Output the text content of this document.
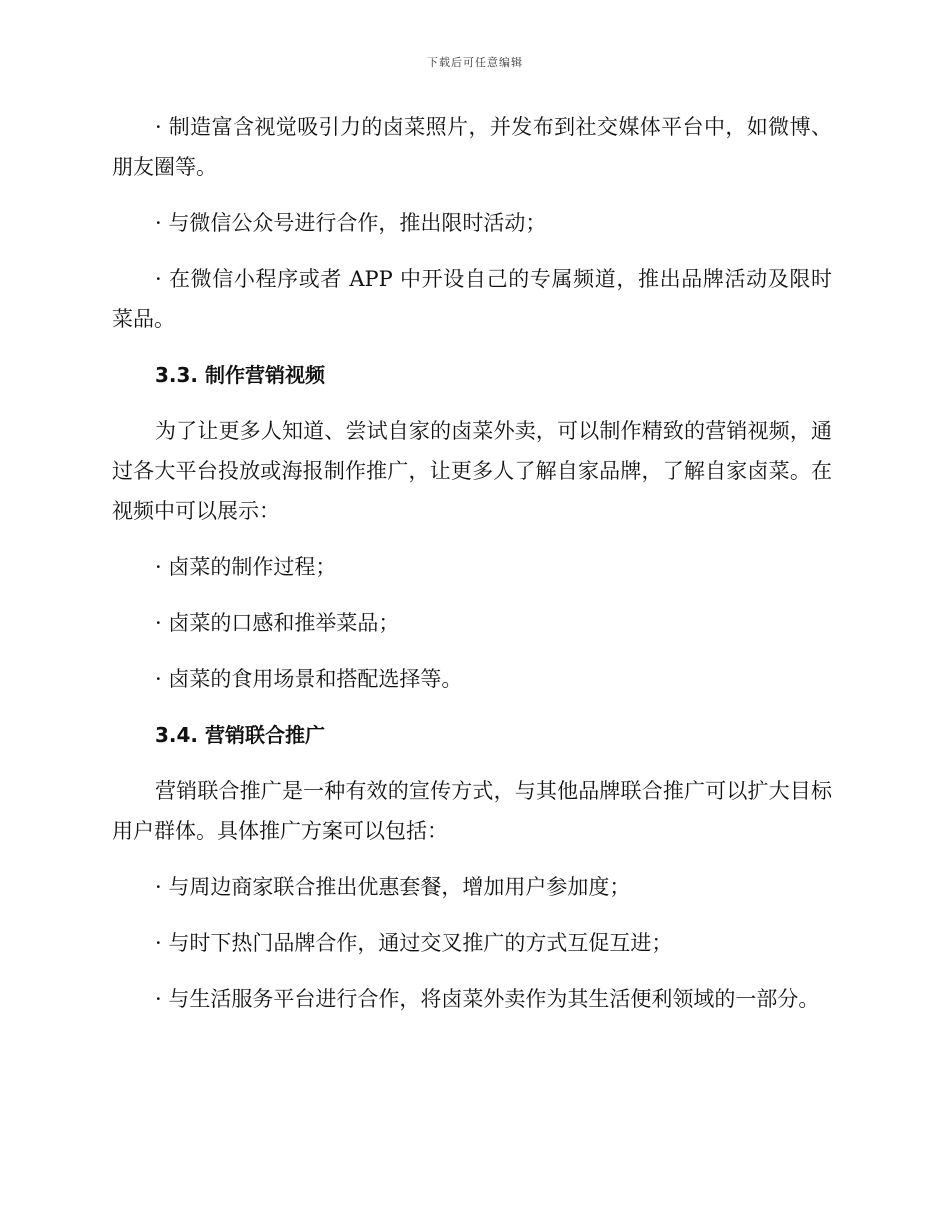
下载后可任意编辑

· 制造富含视觉吸引力的卤菜照片，并发布到社交媒体平台中，如微博、朋友圈等。

· 与微信公众号进行合作，推出限时活动；

· 在微信小程序或者 APP 中开设自己的专属频道，推出品牌活动及限时菜品。

3.3. 制作营销视频

为了让更多人知道、尝试自家的卤菜外卖，可以制作精致的营销视频，通过各大平台投放或海报制作推广，让更多人了解自家品牌，了解自家卤菜。在视频中可以展示：

· 卤菜的制作过程；

· 卤菜的口感和推举菜品；

· 卤菜的食用场景和搭配选择等。

3.4. 营销联合推广

营销联合推广是一种有效的宣传方式，与其他品牌联合推广可以扩大目标用户群体。具体推广方案可以包括：

· 与周边商家联合推出优惠套餐，增加用户参加度；

· 与时下热门品牌合作，通过交叉推广的方式互促互进；

· 与生活服务平台进行合作，将卤菜外卖作为其生活便利领域的一部分。
